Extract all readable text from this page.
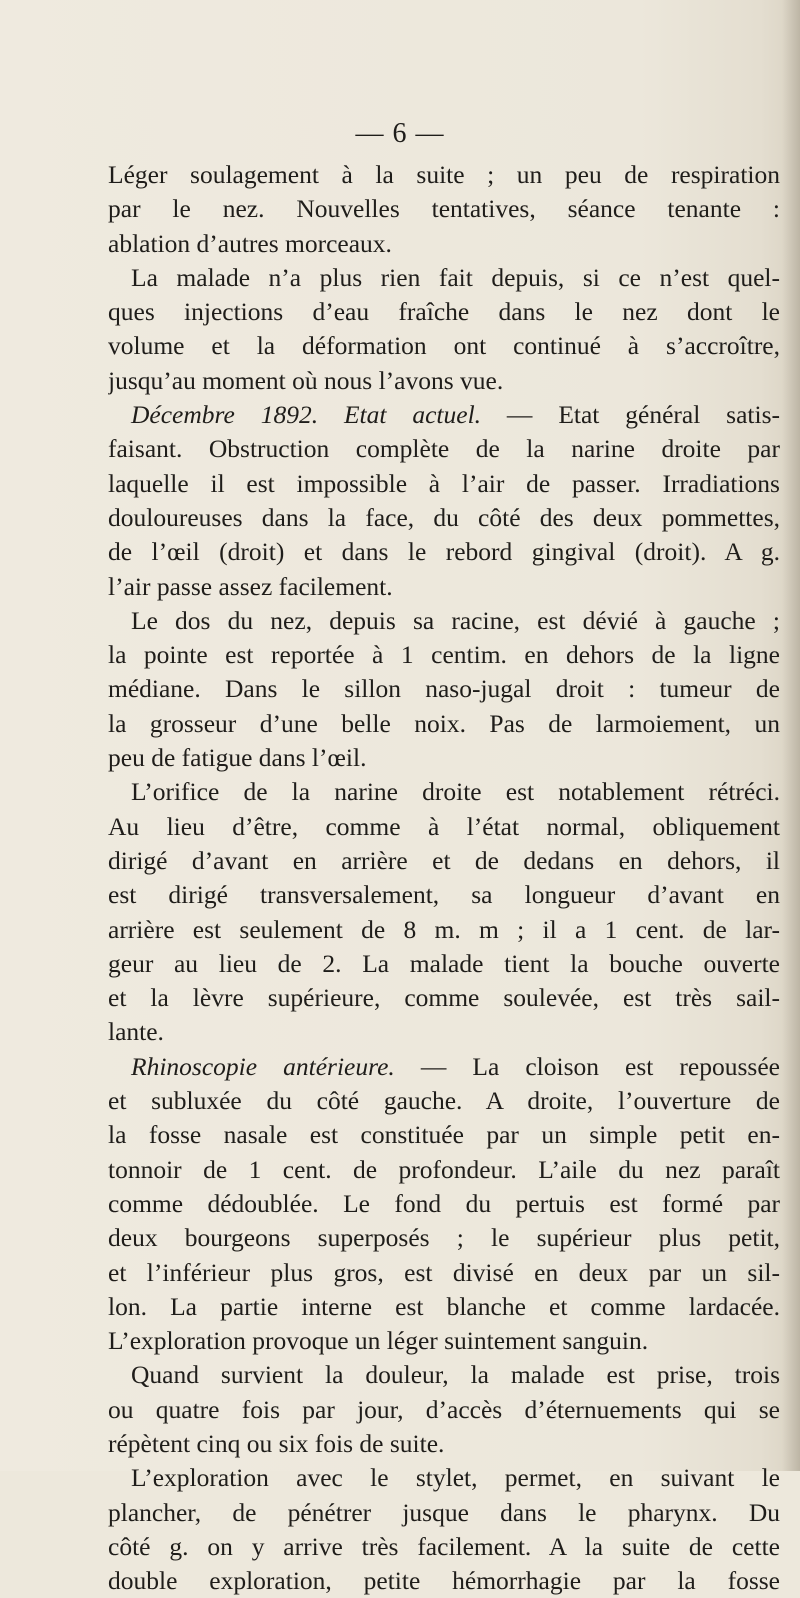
— 6 —
Léger soulagement à la suite ; un peu de respiration
par le nez. Nouvelles tentatives, séance tenante :
ablation d’autres morceaux.
La malade n’a plus rien fait depuis, si ce n’est quel-
ques injections d’eau fraîche dans le nez dont le
volume et la déformation ont continué à s’accroître,
jusqu’au moment où nous l’avons vue.
Décembre 1892. Etat actuel. — Etat général satis-
faisant. Obstruction complète de la narine droite par
laquelle il est impossible à l’air de passer. Irradiations
douloureuses dans la face, du côté des deux pommettes,
de l’œil (droit) et dans le rebord gingival (droit). A g.
l’air passe assez facilement.
Le dos du nez, depuis sa racine, est dévié à gauche ;
la pointe est reportée à 1 centim. en dehors de la ligne
médiane. Dans le sillon naso-jugal droit : tumeur de
la grosseur d’une belle noix. Pas de larmoiement, un
peu de fatigue dans l’œil.
L’orifice de la narine droite est notablement rétréci.
Au lieu d’être, comme à l’état normal, obliquement
dirigé d’avant en arrière et de dedans en dehors, il
est dirigé transversalement, sa longueur d’avant en
arrière est seulement de 8 m. m ; il a 1 cent. de lar-
geur au lieu de 2. La malade tient la bouche ouverte
et la lèvre supérieure, comme soulevée, est très sail-
lante.
Rhinoscopie antérieure. — La cloison est repoussée
et subluxée du côté gauche. A droite, l’ouverture de
la fosse nasale est constituée par un simple petit en-
tonnoir de 1 cent. de profondeur. L’aile du nez paraît
comme dédoublée. Le fond du pertuis est formé par
deux bourgeons superposés ; le supérieur plus petit,
et l’inférieur plus gros, est divisé en deux par un sil-
lon. La partie interne est blanche et comme lardacée.
L’exploration provoque un léger suintement sanguin.
Quand survient la douleur, la malade est prise, trois
ou quatre fois par jour, d’accès d’éternuements qui se
répètent cinq ou six fois de suite.
L’exploration avec le stylet, permet, en suivant le
plancher, de pénétrer jusque dans le pharynx. Du
côté g. on y arrive très facilement. A la suite de cette
double exploration, petite hémorrhagie par la fosse
